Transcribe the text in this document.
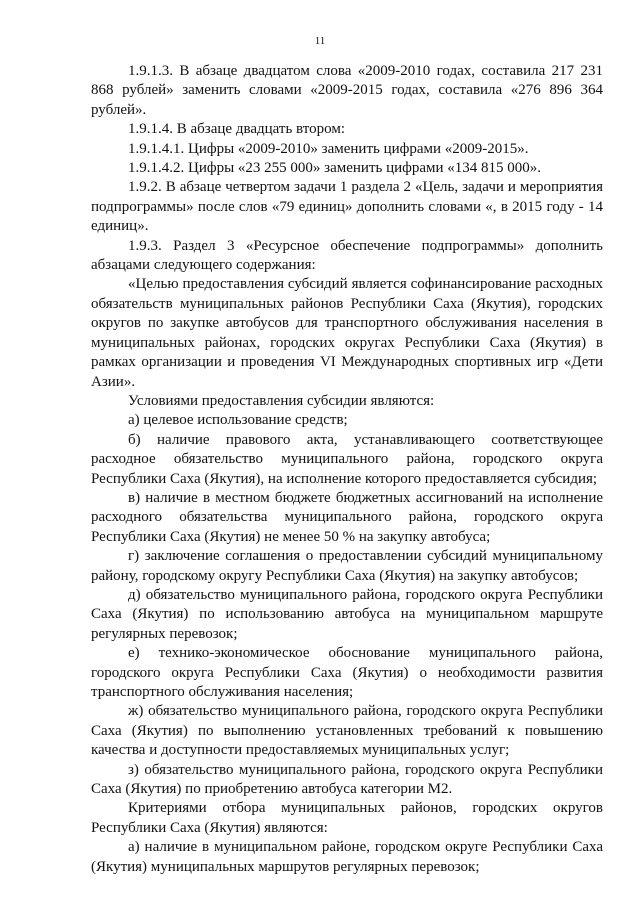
11

1.9.1.3. В абзаце двадцатом слова «2009-2010 годах, составила 217 231 868 рублей» заменить словами «2009-2015 годах, составила «276 896 364 рублей».

1.9.1.4. В абзаце двадцать втором:

1.9.1.4.1. Цифры «2009-2010» заменить цифрами «2009-2015».

1.9.1.4.2. Цифры «23 255 000» заменить цифрами «134 815 000».

1.9.2. В абзаце четвертом задачи 1 раздела 2 «Цель, задачи и мероприятия подпрограммы» после слов «79 единиц» дополнить словами «, в 2015 году - 14 единиц».

1.9.3. Раздел 3 «Ресурсное обеспечение подпрограммы» дополнить абзацами следующего содержания:

«Целью предоставления субсидий является софинансирование расходных обязательств муниципальных районов Республики Саха (Якутия), городских округов по закупке автобусов для транспортного обслуживания населения в муниципальных районах, городских округах Республики Саха (Якутия) в рамках организации и проведения VI Международных спортивных игр «Дети Азии».

Условиями предоставления субсидии являются:

а) целевое использование средств;

б) наличие правового акта, устанавливающего соответствующее расходное обязательство муниципального района, городского округа Республики Саха (Якутия), на исполнение которого предоставляется субсидия;

в) наличие в местном бюджете бюджетных ассигнований на исполнение расходного обязательства муниципального района, городского округа Республики Саха (Якутия) не менее 50 % на закупку автобуса;

г) заключение соглашения о предоставлении субсидий муниципальному району, городскому округу Республики Саха (Якутия) на закупку автобусов;

д) обязательство муниципального района, городского округа Республики Саха (Якутия) по использованию автобуса на муниципальном маршруте регулярных перевозок;

е) технико-экономическое обоснование муниципального района, городского округа Республики Саха (Якутия) о необходимости развития транспортного обслуживания населения;

ж) обязательство муниципального района, городского округа Республики Саха (Якутия) по выполнению установленных требований к повышению качества и доступности предоставляемых муниципальных услуг;

з) обязательство муниципального района, городского округа Республики Саха (Якутия) по приобретению автобуса категории М2.

Критериями отбора муниципальных районов, городских округов Республики Саха (Якутия) являются:

а) наличие в муниципальном районе, городском округе Республики Саха (Якутия) муниципальных маршрутов регулярных перевозок;
